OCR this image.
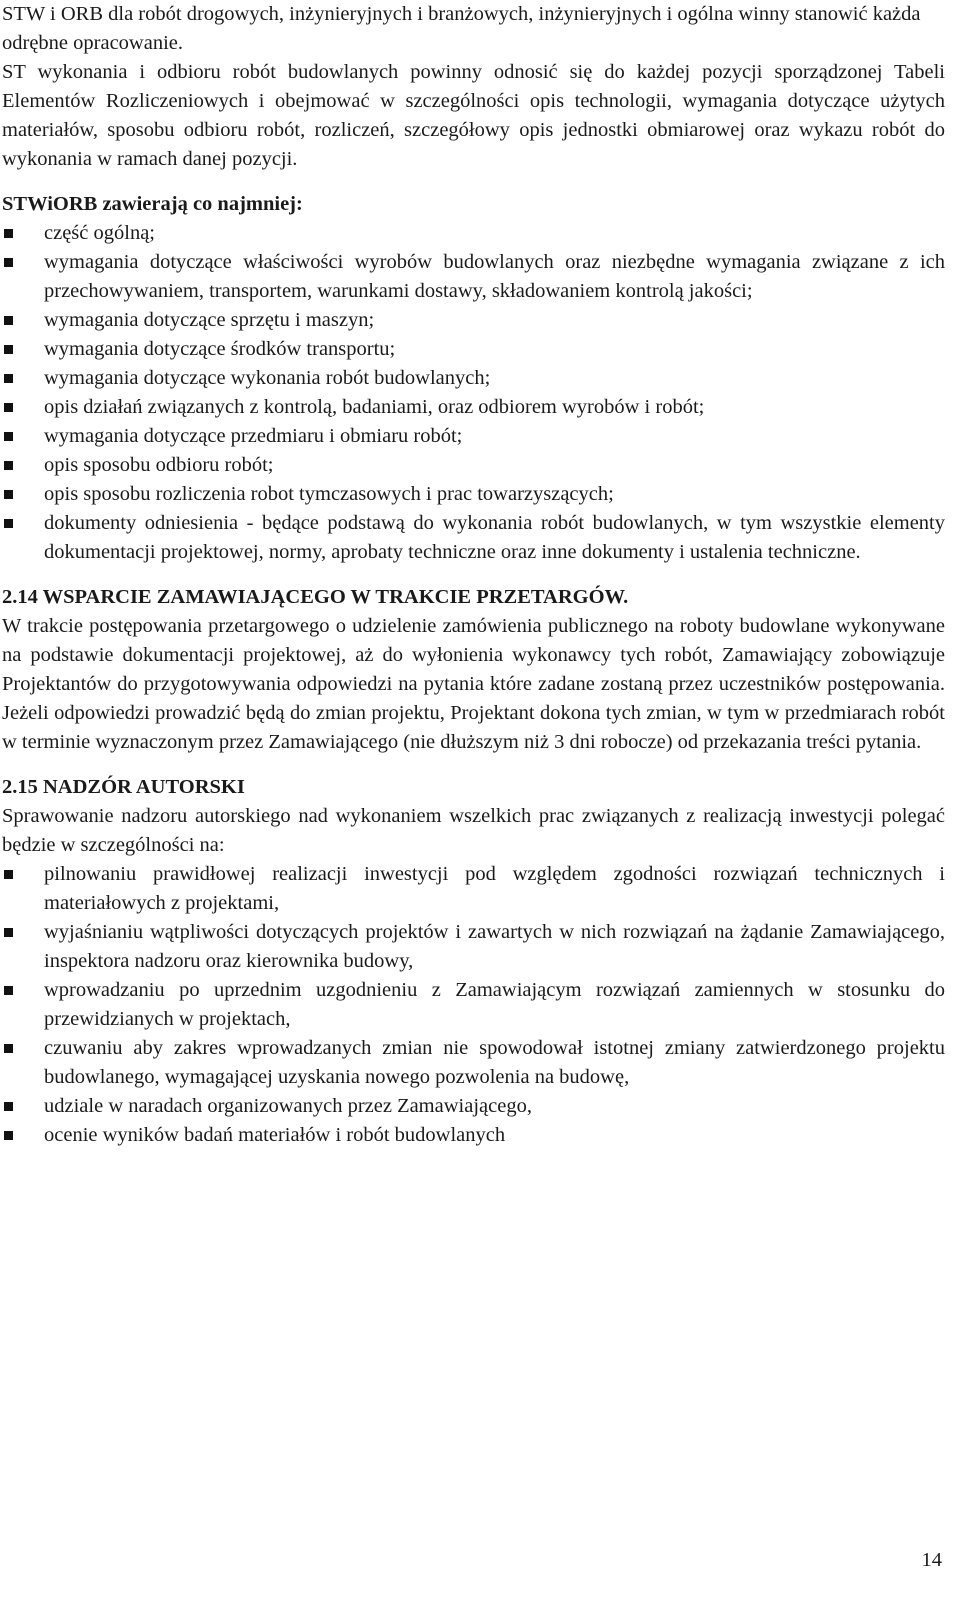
STW i ORB dla robót drogowych, inżynieryjnych i branżowych, inżynieryjnych i ogólna winny stanowić każda odrębne opracowanie.

ST wykonania i odbioru robót budowlanych powinny odnosić się do każdej pozycji sporządzonej Tabeli Elementów Rozliczeniowych i obejmować w szczególności opis technologii, wymagania dotyczące użytych materiałów, sposobu odbioru robót, rozliczeń, szczegółowy opis jednostki obmiarowej oraz wykazu robót do wykonania w ramach danej pozycji.

STWiORB zawierają co najmniej:

część ogólną;
wymagania dotyczące właściwości wyrobów budowlanych oraz niezbędne wymagania związane z ich przechowywaniem, transportem, warunkami dostawy, składowaniem kontrolą jakości;
wymagania dotyczące sprzętu i maszyn;
wymagania dotyczące środków transportu;
wymagania dotyczące wykonania robót budowlanych;
opis działań związanych z kontrolą, badaniami, oraz odbiorem wyrobów i robót;
wymagania dotyczące przedmiaru i obmiaru robót;
opis sposobu odbioru robót;
opis sposobu rozliczenia robot tymczasowych i prac towarzyszących;
dokumenty odniesienia - będące podstawą do wykonania robót budowlanych, w tym wszystkie elementy dokumentacji projektowej, normy, aprobaty techniczne oraz inne dokumenty i ustalenia techniczne.
2.14 WSPARCIE ZAMAWIAJĄCEGO W TRAKCIE PRZETARGÓW.

W trakcie postępowania przetargowego o udzielenie zamówienia publicznego na roboty budowlane wykonywane na podstawie dokumentacji projektowej, aż do wyłonienia wykonawcy tych robót, Zamawiający zobowiązuje Projektantów do przygotowywania odpowiedzi na pytania które zadane zostaną przez uczestników postępowania. Jeżeli odpowiedzi prowadzić będą do zmian projektu, Projektant dokona tych zmian, w tym w przedmiarach robót w terminie wyznaczonym przez Zamawiającego (nie dłuższym niż 3 dni robocze) od przekazania treści pytania.

2.15 NADZÓR AUTORSKI

Sprawowanie nadzoru autorskiego nad wykonaniem wszelkich prac związanych z realizacją inwestycji polegać będzie w szczególności na:

pilnowaniu prawidłowej realizacji inwestycji pod względem zgodności rozwiązań technicznych i materiałowych z projektami,
wyjaśnianiu wątpliwości dotyczących projektów i zawartych w nich rozwiązań na żądanie Zamawiającego, inspektora nadzoru oraz kierownika budowy,
wprowadzaniu po uprzednim uzgodnieniu z Zamawiającym rozwiązań zamiennych w stosunku do przewidzianych w projektach,
czuwaniu aby zakres wprowadzanych zmian nie spowodował istotnej zmiany zatwierdzonego projektu budowlanego, wymagającej uzyskania nowego pozwolenia na budowę,
udziale w naradach organizowanych przez Zamawiającego,
ocenie wyników badań materiałów i robót budowlanych
14
